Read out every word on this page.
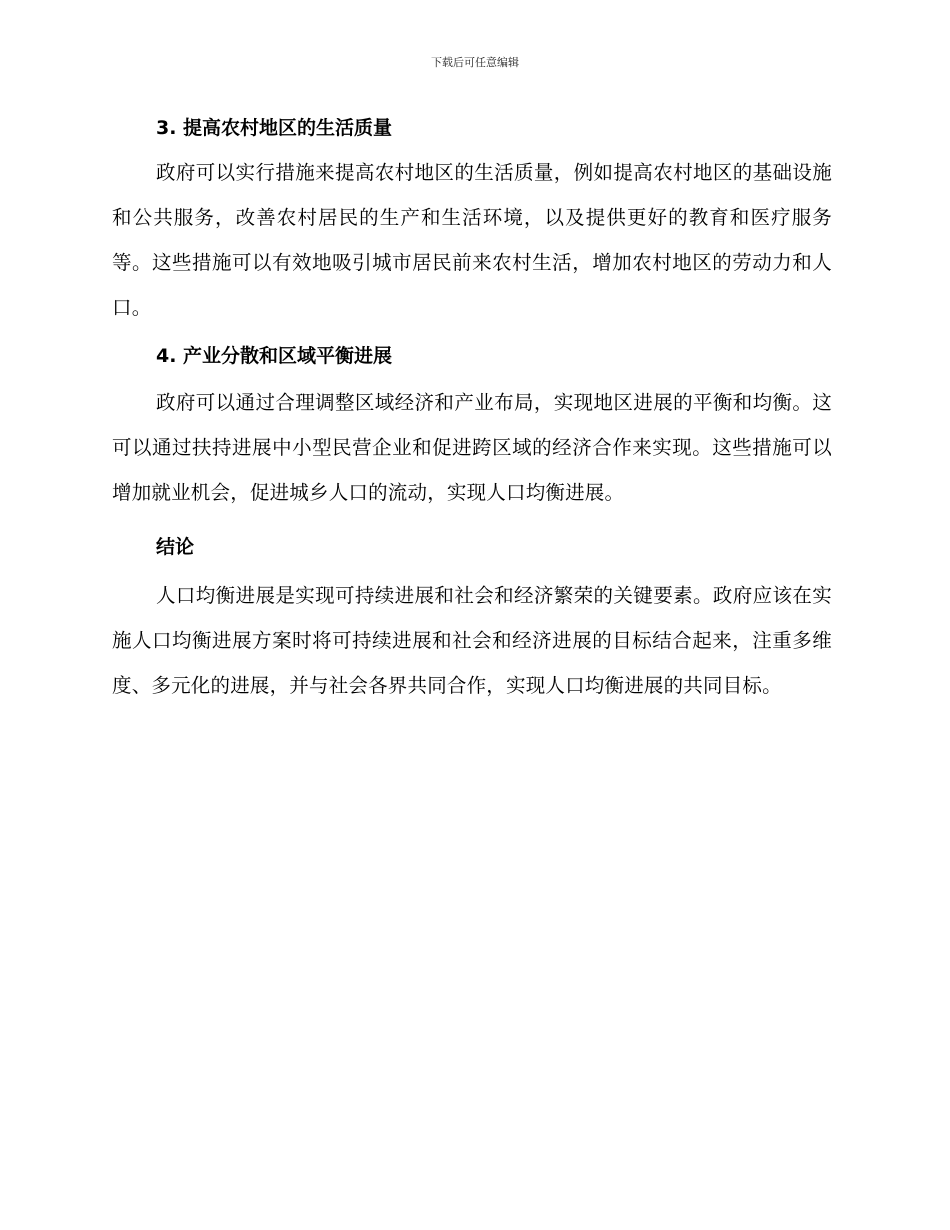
下载后可任意编辑
3. 提高农村地区的生活质量

政府可以实行措施来提高农村地区的生活质量，例如提高农村地区的基础设施和公共服务，改善农村居民的生产和生活环境，以及提供更好的教育和医疗服务等。这些措施可以有效地吸引城市居民前来农村生活，增加农村地区的劳动力和人口。

4. 产业分散和区域平衡进展

政府可以通过合理调整区域经济和产业布局，实现地区进展的平衡和均衡。这可以通过扶持进展中小型民营企业和促进跨区域的经济合作来实现。这些措施可以增加就业机会，促进城乡人口的流动，实现人口均衡进展。

结论

人口均衡进展是实现可持续进展和社会和经济繁荣的关键要素。政府应该在实施人口均衡进展方案时将可持续进展和社会和经济进展的目标结合起来，注重多维度、多元化的进展，并与社会各界共同合作，实现人口均衡进展的共同目标。
